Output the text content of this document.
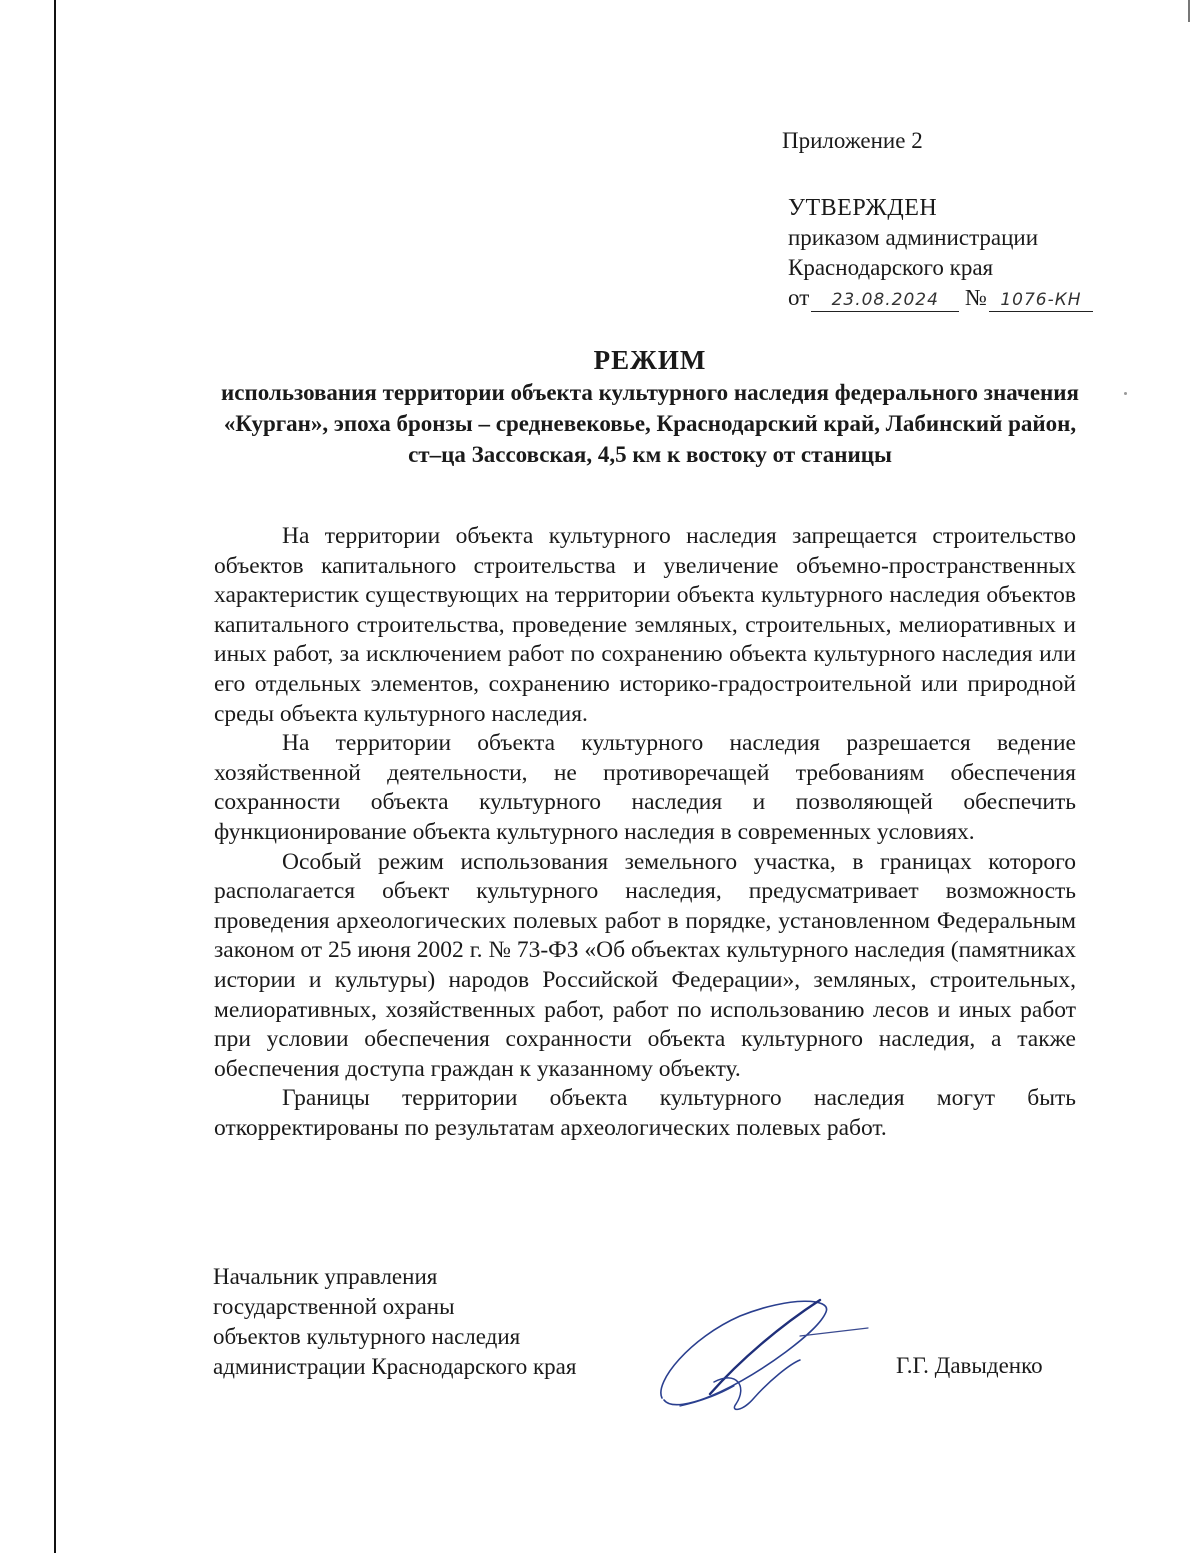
Приложение 2
УТВЕРЖДЕН
приказом администрации
Краснодарского края
от 23.08.2024 № 1076-КН
РЕЖИМ
использования территории объекта культурного наследия федерального значения «Курган», эпоха бронзы – средневековье, Краснодарский край, Лабинский район, ст–ца Зассовская, 4,5 км к востоку от станицы

На территории объекта культурного наследия запрещается строительство объектов капитального строительства и увеличение объемно-пространственных характеристик существующих на территории объекта культурного наследия объектов капитального строительства, проведение земляных, строительных, мелиоративных и иных работ, за исключением работ по сохранению объекта культурного наследия или его отдельных элементов, сохранению историко-градостроительной или природной среды объекта культурного наследия.

На территории объекта культурного наследия разрешается ведение хозяйственной деятельности, не противоречащей требованиям обеспечения сохранности объекта культурного наследия и позволяющей обеспечить функционирование объекта культурного наследия в современных условиях.

Особый режим использования земельного участка, в границах которого располагается объект культурного наследия, предусматривает возможность проведения археологических полевых работ в порядке, установленном Федеральным законом от 25 июня 2002 г. № 73-ФЗ «Об объектах культурного наследия (памятниках истории и культуры) народов Российской Федерации», земляных, строительных, мелиоративных, хозяйственных работ, работ по использованию лесов и иных работ при условии обеспечения сохранности объекта культурного наследия, а также обеспечения доступа граждан к указанному объекту.

Границы территории объекта культурного наследия могут быть откорректированы по результатам археологических полевых работ.

Начальник управления
государственной охраны
объектов культурного наследия
администрации Краснодарского края	Г.Г. Давыденко
